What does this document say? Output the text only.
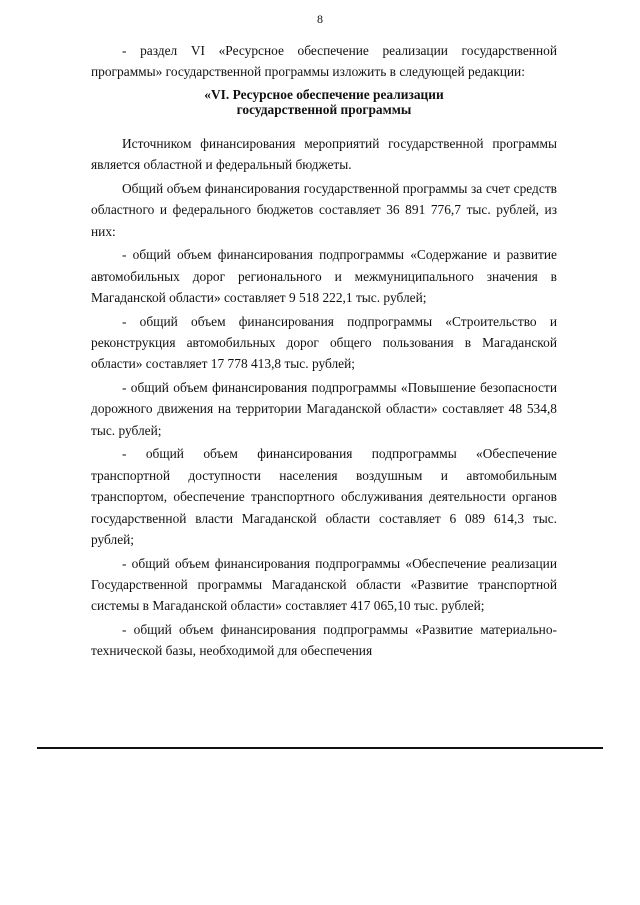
8

- раздел VI «Ресурсное обеспечение реализации государственной программы» государственной программы изложить в следующей редакции:

«VI. Ресурсное обеспечение реализации
государственной программы

Источником финансирования мероприятий государственной программы является областной и федеральный бюджеты.

Общий объем финансирования государственной программы за счет средств областного и федерального бюджетов составляет 36 891 776,7 тыс. рублей, из них:

- общий объем финансирования подпрограммы «Содержание и развитие автомобильных дорог регионального и межмуниципального значения в Магаданской области» составляет 9 518 222,1 тыс. рублей;

- общий объем финансирования подпрограммы «Строительство и реконструкция автомобильных дорог общего пользования в Магаданской области» составляет 17 778 413,8 тыс. рублей;

- общий объем финансирования подпрограммы «Повышение безопасности дорожного движения на территории Магаданской области» составляет 48 534,8 тыс. рублей;

- общий объем финансирования подпрограммы «Обеспечение транспортной доступности населения воздушным и автомобильным транспортом, обеспечение транспортного обслуживания деятельности органов государственной власти Магаданской области составляет 6 089 614,3 тыс. рублей;

- общий объем финансирования подпрограммы «Обеспечение реализации Государственной программы Магаданской области «Развитие транспортной системы в Магаданской области» составляет 417 065,10 тыс. рублей;

- общий объем финансирования подпрограммы «Развитие материально-технической базы, необходимой для обеспечения
